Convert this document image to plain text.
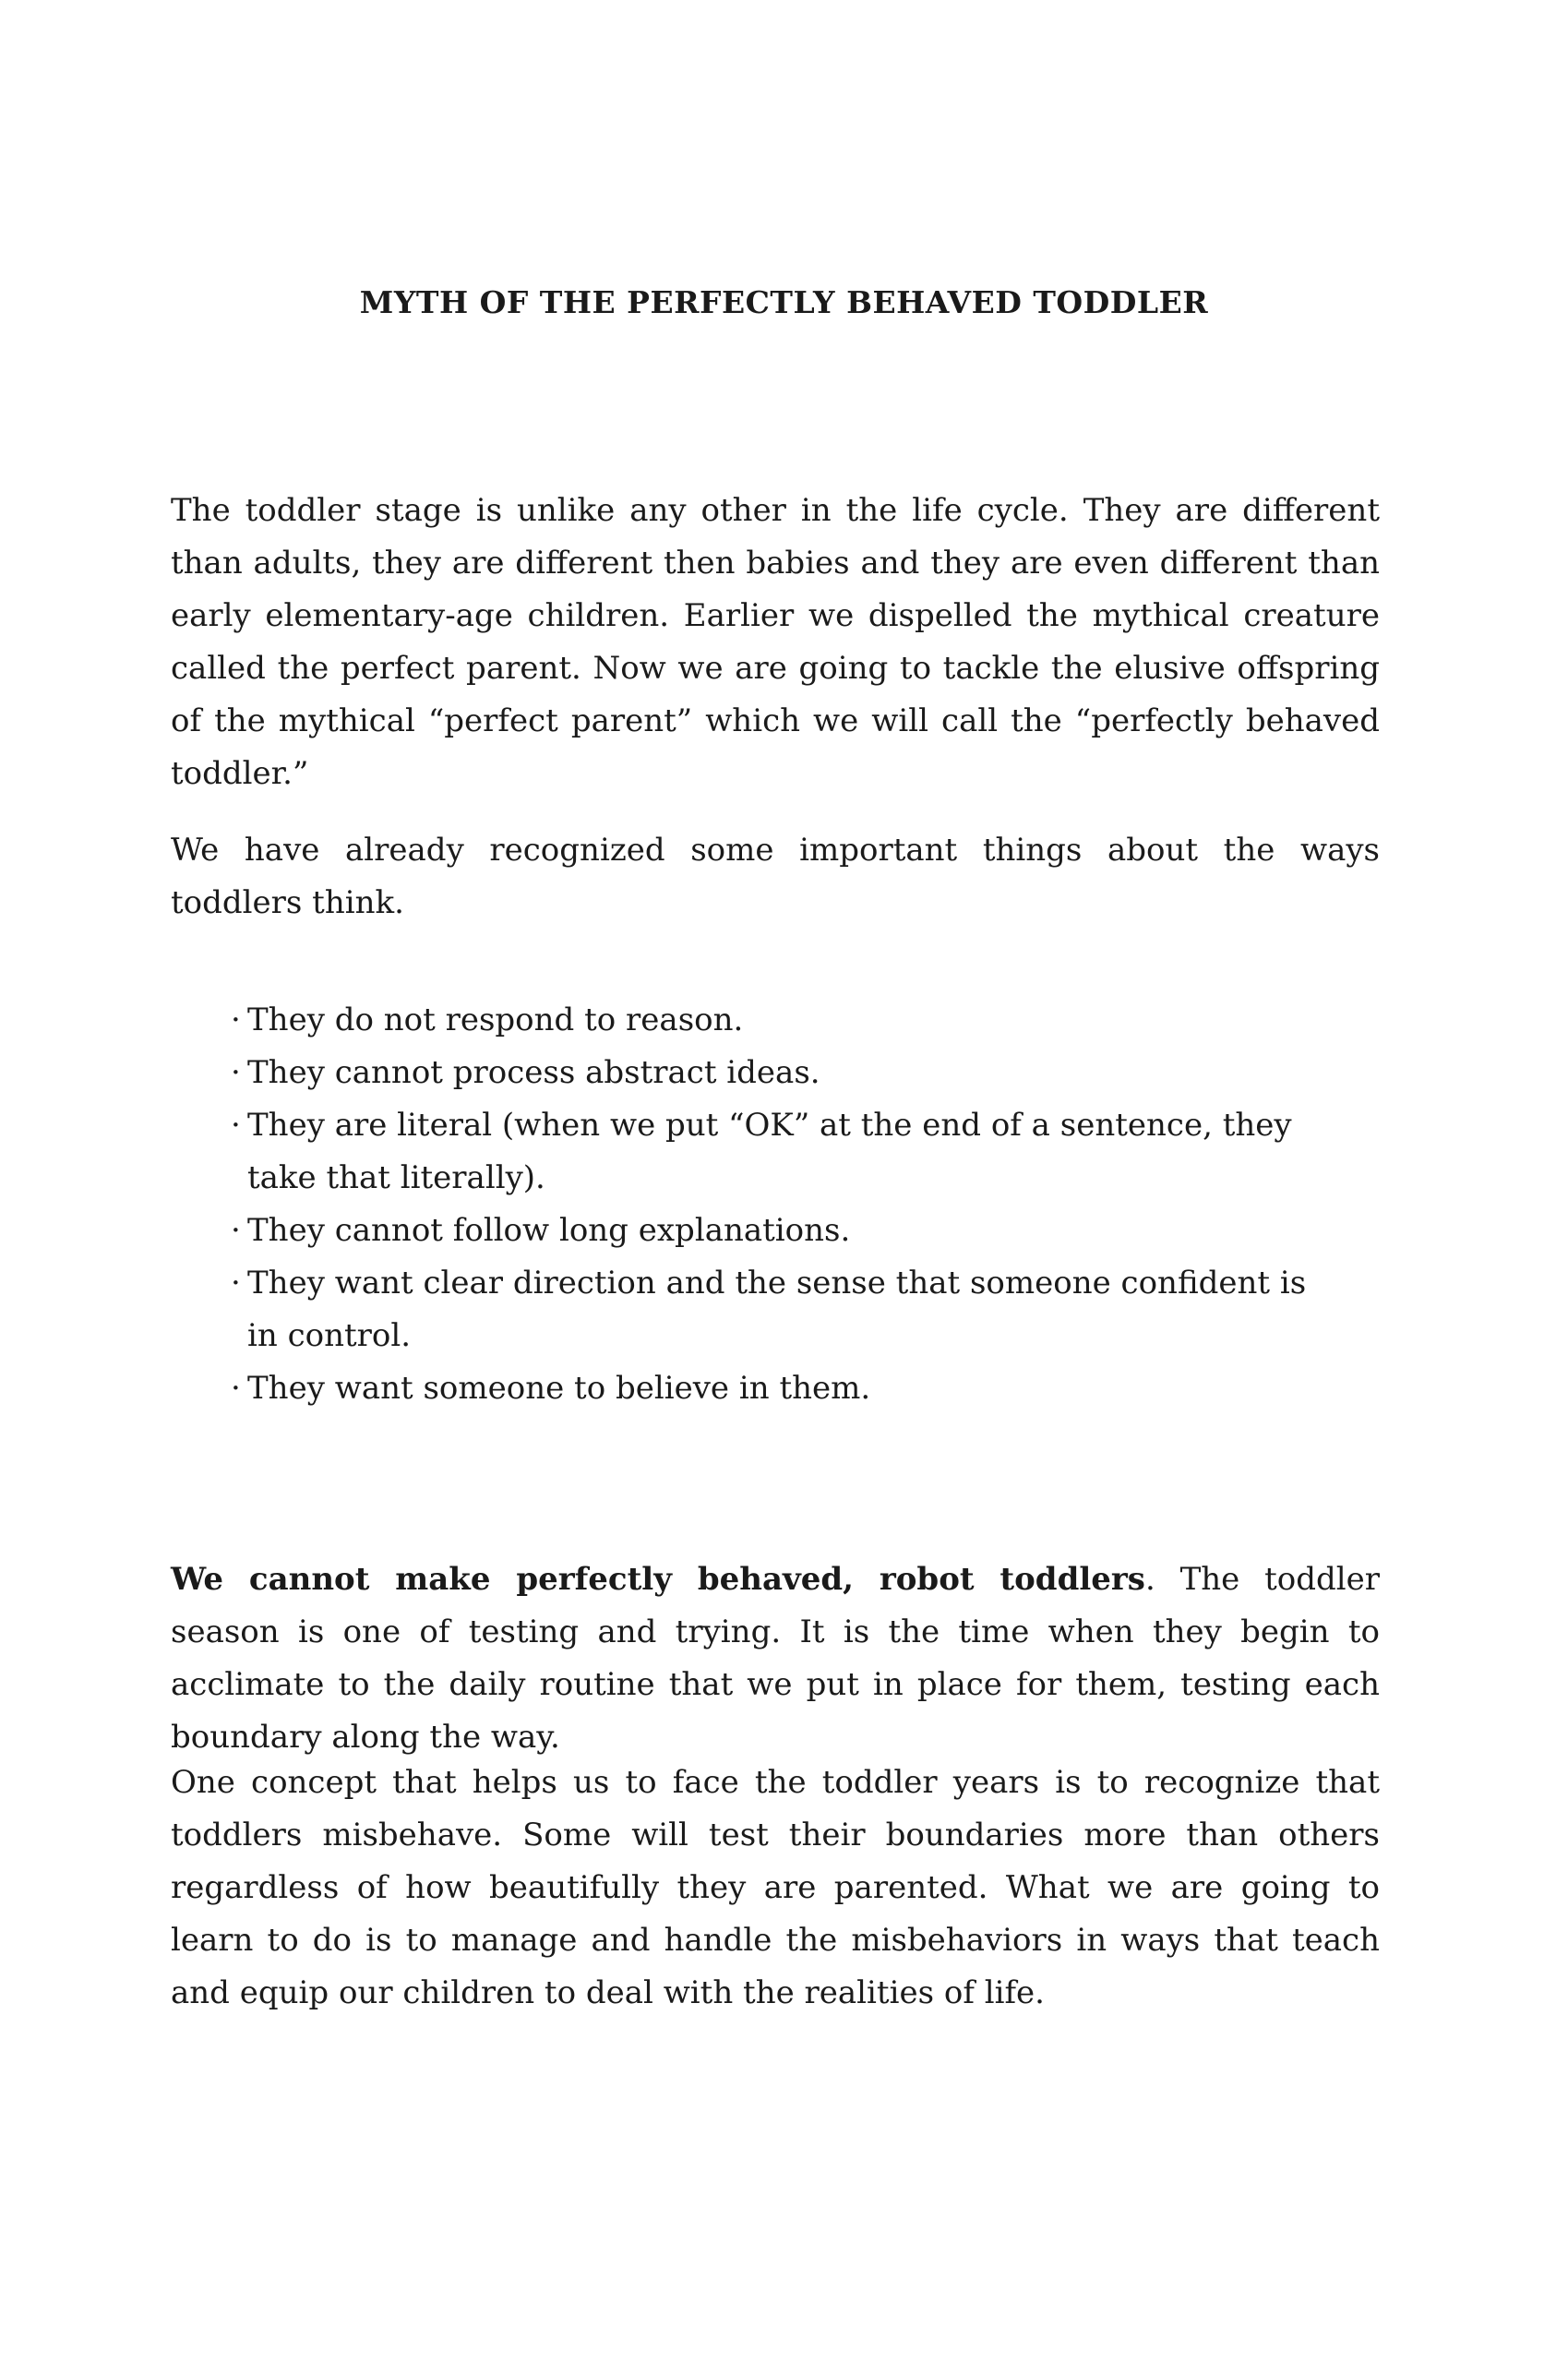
MYTH OF THE PERFECTLY BEHAVED TODDLER

The toddler stage is unlike any other in the life cycle. They are different than adults, they are different then babies and they are even different than early elementary-age children. Earlier we dispelled the mythical creature called the perfect parent. Now we are going to tackle the elusive offspring of the mythical “perfect parent” which we will call the “perfectly behaved toddler.”

We have already recognized some important things about the ways toddlers think.

· They do not respond to reason.
· They cannot process abstract ideas.
· They are literal (when we put “OK” at the end of a sentence, they take that literally).
· They cannot follow long explanations.
· They want clear direction and the sense that someone confident is in control.
· They want someone to believe in them.

We cannot make perfectly behaved, robot toddlers. The toddler season is one of testing and trying. It is the time when they begin to acclimate to the daily routine that we put in place for them, testing each boundary along the way.

One concept that helps us to face the toddler years is to recognize that toddlers misbehave. Some will test their boundaries more than others regardless of how beautifully they are parented. What we are going to learn to do is to manage and handle the misbehaviors in ways that teach and equip our children to deal with the realities of life.
